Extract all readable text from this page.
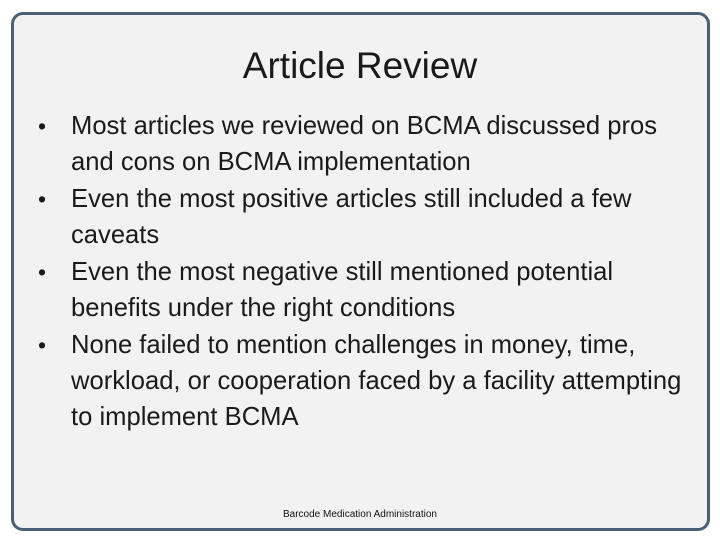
Article Review
• Most articles we reviewed on BCMA discussed pros and cons on BCMA implementation
• Even the most positive articles still included a few caveats
• Even the most negative still mentioned potential benefits under the right conditions
• None failed to mention challenges in money, time, workload, or cooperation faced by a facility attempting to implement BCMA
Barcode Medication Administration
